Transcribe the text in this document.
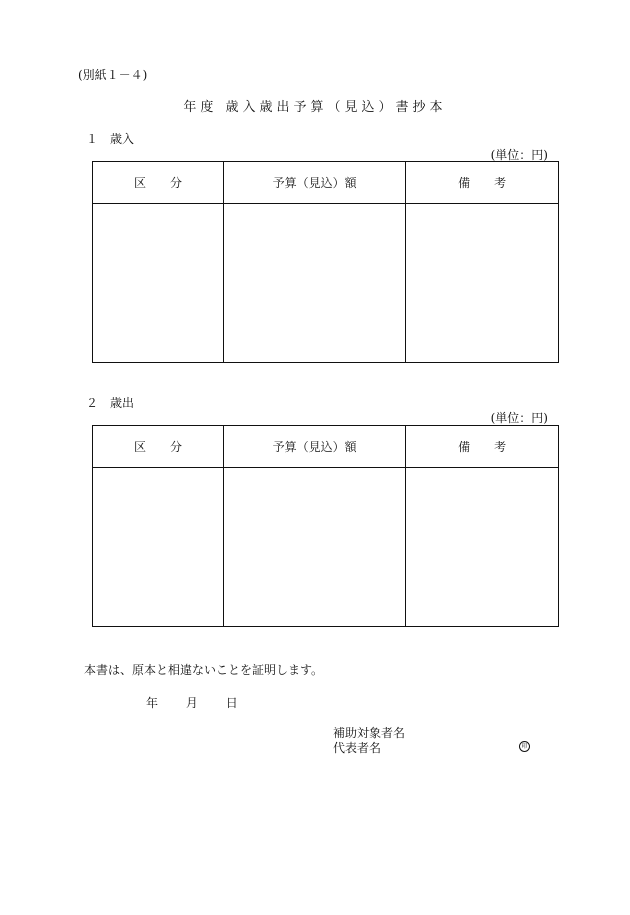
(別紙１－４)
年度 歳入歳出予算（見込）書抄本
１　歳入
(単位：円)
区　　分	予算（見込）額	備　　考

２　歳出
(単位：円)
区　　分	予算（見込）額	備　　考

本書は、原本と相違ないことを証明します。
年 月 日
補助対象者名
代表者名	印
